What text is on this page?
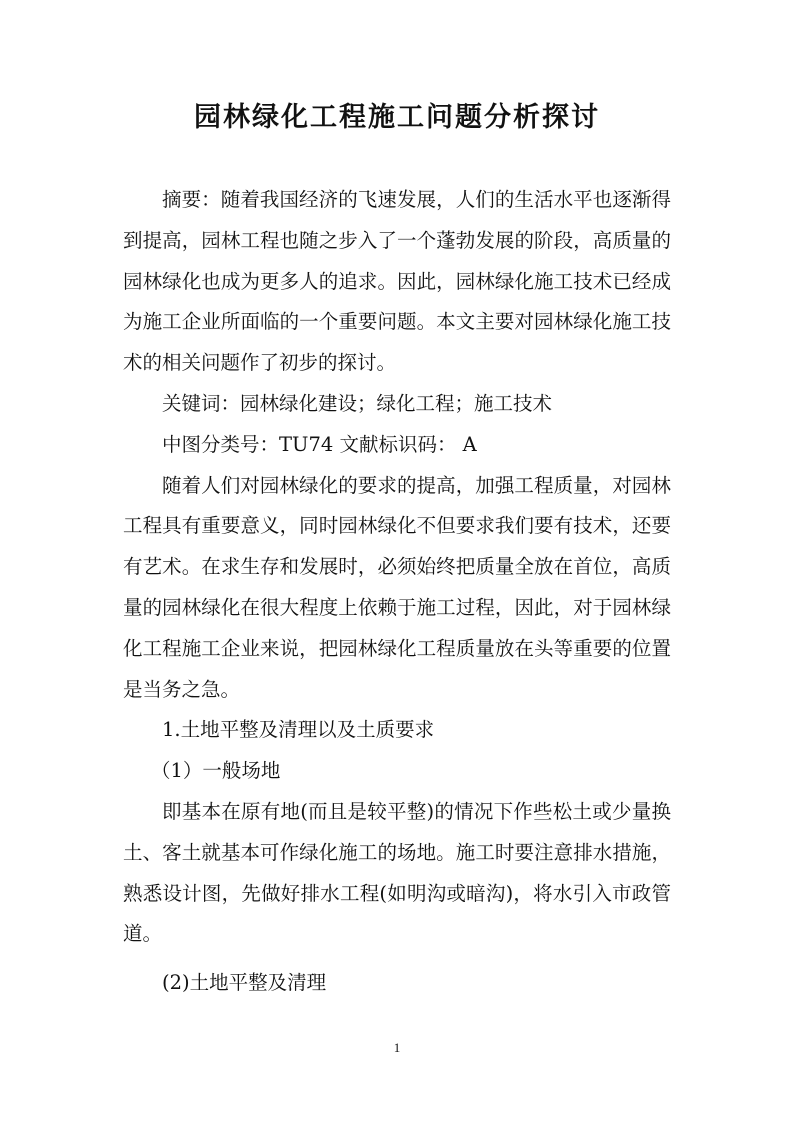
园林绿化工程施工问题分析探讨

摘要：随着我国经济的飞速发展，人们的生活水平也逐渐得到提高，园林工程也随之步入了一个蓬勃发展的阶段，高质量的园林绿化也成为更多人的追求。因此，园林绿化施工技术已经成为施工企业所面临的一个重要问题。本文主要对园林绿化施工技术的相关问题作了初步的探讨。

关键词：园林绿化建设；绿化工程；施工技术

中图分类号：TU74 文献标识码： A

随着人们对园林绿化的要求的提高，加强工程质量，对园林工程具有重要意义，同时园林绿化不但要求我们要有技术，还要有艺术。在求生存和发展时，必须始终把质量全放在首位，高质量的园林绿化在很大程度上依赖于施工过程，因此，对于园林绿化工程施工企业来说，把园林绿化工程质量放在头等重要的位置是当务之急。

1.土地平整及清理以及土质要求

（1）一般场地

即基本在原有地(而且是较平整)的情况下作些松土或少量换土、客土就基本可作绿化施工的场地。施工时要注意排水措施，熟悉设计图，先做好排水工程(如明沟或暗沟)，将水引入市政管道。

(2)土地平整及清理

1
